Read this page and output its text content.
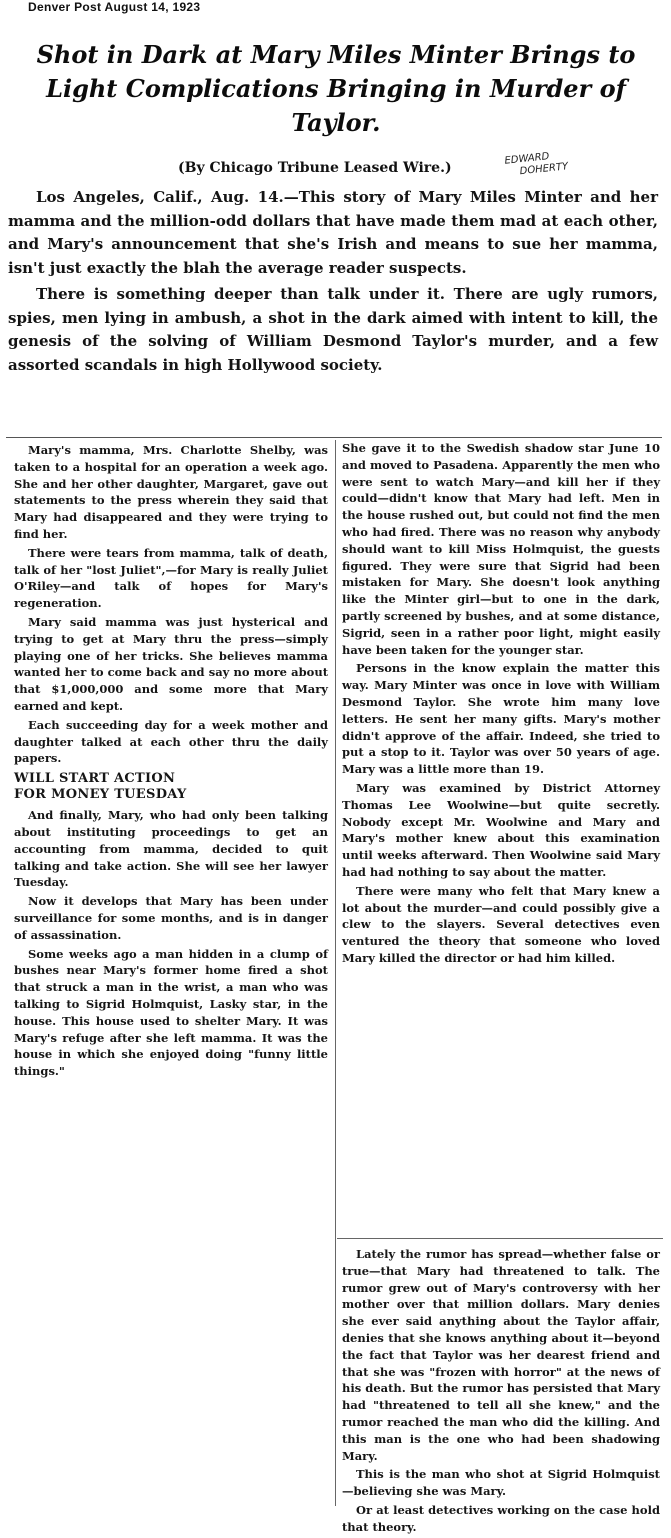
Denver Post August 14, 1923
Shot in Dark at Mary Miles Minter Brings to Light Complications Bringing in Murder of Taylor.
(By Chicago Tribune Leased Wire.)
EDWARD
DOHERTY

Los Angeles, Calif., Aug. 14.—This story of Mary Miles Minter and her mamma and the million-odd dollars that have made them mad at each other, and Mary's announcement that she's Irish and means to sue her mamma, isn't just exactly the blah the average reader suspects.

There is something deeper than talk under it. There are ugly rumors, spies, men lying in ambush, a shot in the dark aimed with intent to kill, the genesis of the solving of William Desmond Taylor's murder, and a few assorted scandals in high Hollywood society.

Mary's mamma, Mrs. Charlotte Shelby, was taken to a hospital for an operation a week ago. She and her other daughter, Margaret, gave out statements to the press wherein they said that Mary had disappeared and they were trying to find her.

There were tears from mamma, talk of death, talk of her "lost Juliet",—for Mary is really Juliet O'Riley—and talk of hopes for Mary's regeneration.

Mary said mamma was just hysterical and trying to get at Mary thru the press—simply playing one of her tricks. She believes mamma wanted her to come back and say no more about that $1,000,000 and some more that Mary earned and kept.

Each succeeding day for a week mother and daughter talked at each other thru the daily papers.

WILL START ACTION
FOR MONEY TUESDAY

And finally, Mary, who had only been talking about instituting proceedings to get an accounting from mamma, decided to quit talking and take action. She will see her lawyer Tuesday.

Now it develops that Mary has been under surveillance for some months, and is in danger of assassination.

Some weeks ago a man hidden in a clump of bushes near Mary's former home fired a shot that struck a man in the wrist, a man who was talking to Sigrid Holmquist, Lasky star, in the house. This house used to shelter Mary. It was Mary's refuge after she left mamma. It was the house in which she enjoyed doing "funny little things."

She gave it to the Swedish shadow star June 10 and moved to Pasadena. Apparently the men who were sent to watch Mary—and kill her if they could—didn't know that Mary had left. Men in the house rushed out, but could not find the men who had fired. There was no reason why anybody should want to kill Miss Holmquist, the guests figured. They were sure that Sigrid had been mistaken for Mary. She doesn't look anything like the Minter girl—but to one in the dark, partly screened by bushes, and at some distance, Sigrid, seen in a rather poor light, might easily have been taken for the younger star.

Persons in the know explain the matter this way. Mary Minter was once in love with William Desmond Taylor. She wrote him many love letters. He sent her many gifts. Mary's mother didn't approve of the affair. Indeed, she tried to put a stop to it. Taylor was over 50 years of age. Mary was a little more than 19.

Mary was examined by District Attorney Thomas Lee Woolwine—but quite secretly. Nobody except Mr. Woolwine and Mary and Mary's mother knew about this examination until weeks afterward. Then Woolwine said Mary had had nothing to say about the matter.

There were many who felt that Mary knew a lot about the murder—and could possibly give a clew to the slayers. Several detectives even ventured the theory that someone who loved Mary killed the director or had him killed.

Lately the rumor has spread—whether false or true—that Mary had threatened to talk. The rumor grew out of Mary's controversy with her mother over that million dollars. Mary denies she ever said anything about the Taylor affair, denies that she knows anything about it—beyond the fact that Taylor was her dearest friend and that she was "frozen with horror" at the news of his death. But the rumor has persisted that Mary had "threatened to tell all she knew," and the rumor reached the man who did the killing. And this man is the one who had been shadowing Mary.

This is the man who shot at Sigrid Holmquist—believing she was Mary.

Or at least detectives working on the case hold that theory.
